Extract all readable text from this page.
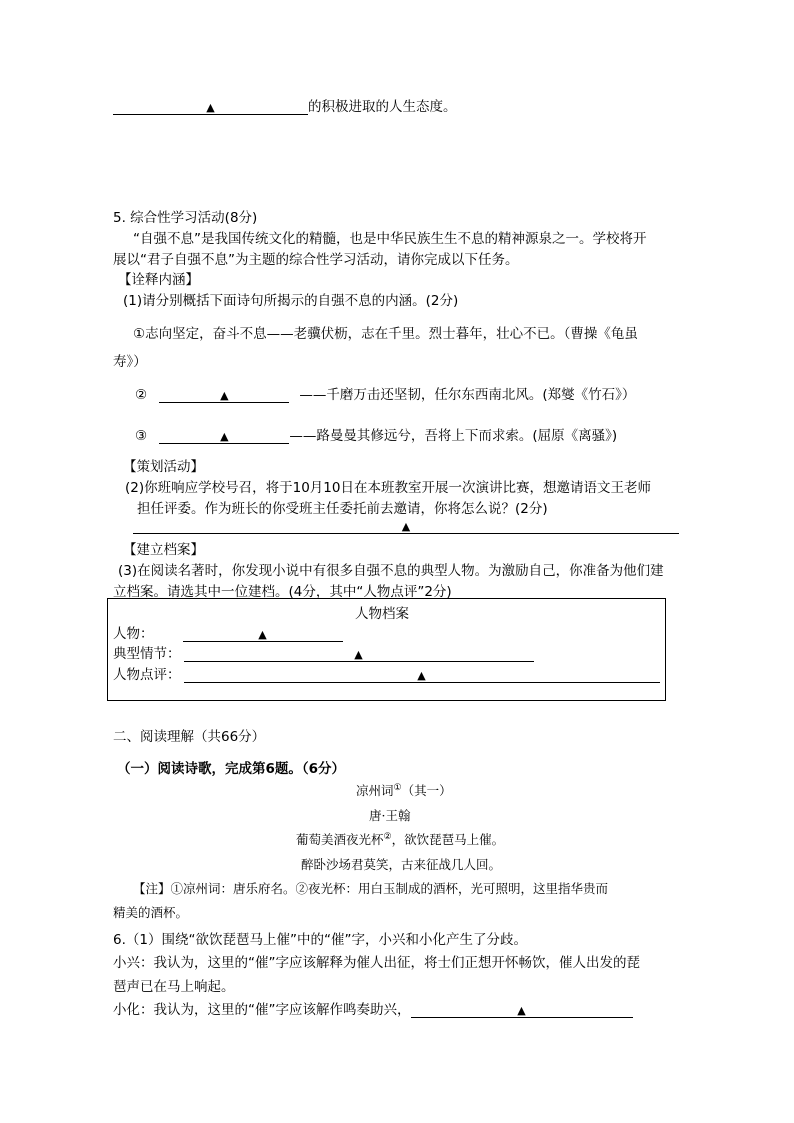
▲	的积极进取的人生态度。
5. 综合性学习活动(8分)
“自强不息”是我国传统文化的精髓，也是中华民族生生不息的精神源泉之一。学校将开
展以“君子自强不息”为主题的综合性学习活动，请你完成以下任务。
【诠释内涵】
(1)请分别概括下面诗句所揭示的自强不息的内涵。(2分)
①志向坚定，奋斗不息——老骥伏枥，志在千里。烈士暮年，壮心不已。（曹操《龟虽
寿》）
②	▲	——千磨万击还坚韧，任尔东西南北风。(郑燮《竹石》）
③	▲	——路曼曼其修远兮，吾将上下而求索。(屈原《离骚》)
【策划活动】
(2)你班响应学校号召，将于10月10日在本班教室开展一次演讲比赛，想邀请语文王老师
担任评委。作为班长的你受班主任委托前去邀请，你将怎么说？(2分)
▲
【建立档案】
(3)在阅读名著时，你发现小说中有很多自强不息的典型人物。为激励自己，你准备为他们建
立档案。请选其中一位建档。(4分，其中“人物点评”2分)
人物档案
人物：	▲
典型情节：	▲
人物点评：	▲
二、阅读理解（共66分）
（一）阅读诗歌，完成第6题。（6分）
凉州词①（其一）
唐·王翰
葡萄美酒夜光杯②，欲饮琵琶马上催。
醉卧沙场君莫笑，古来征战几人回。
【注】①凉州词：唐乐府名。②夜光杯：用白玉制成的酒杯，光可照明，这里指华贵而
精美的酒杯。
6.（1）围绕“欲饮琵琶马上催”中的“催”字，小兴和小化产生了分歧。
小兴：我认为，这里的“催”字应该解释为催人出征，将士们正想开怀畅饮，催人出发的琵
琶声已在马上响起。
小化：我认为，这里的“催”字应该解作鸣奏助兴，	▲
